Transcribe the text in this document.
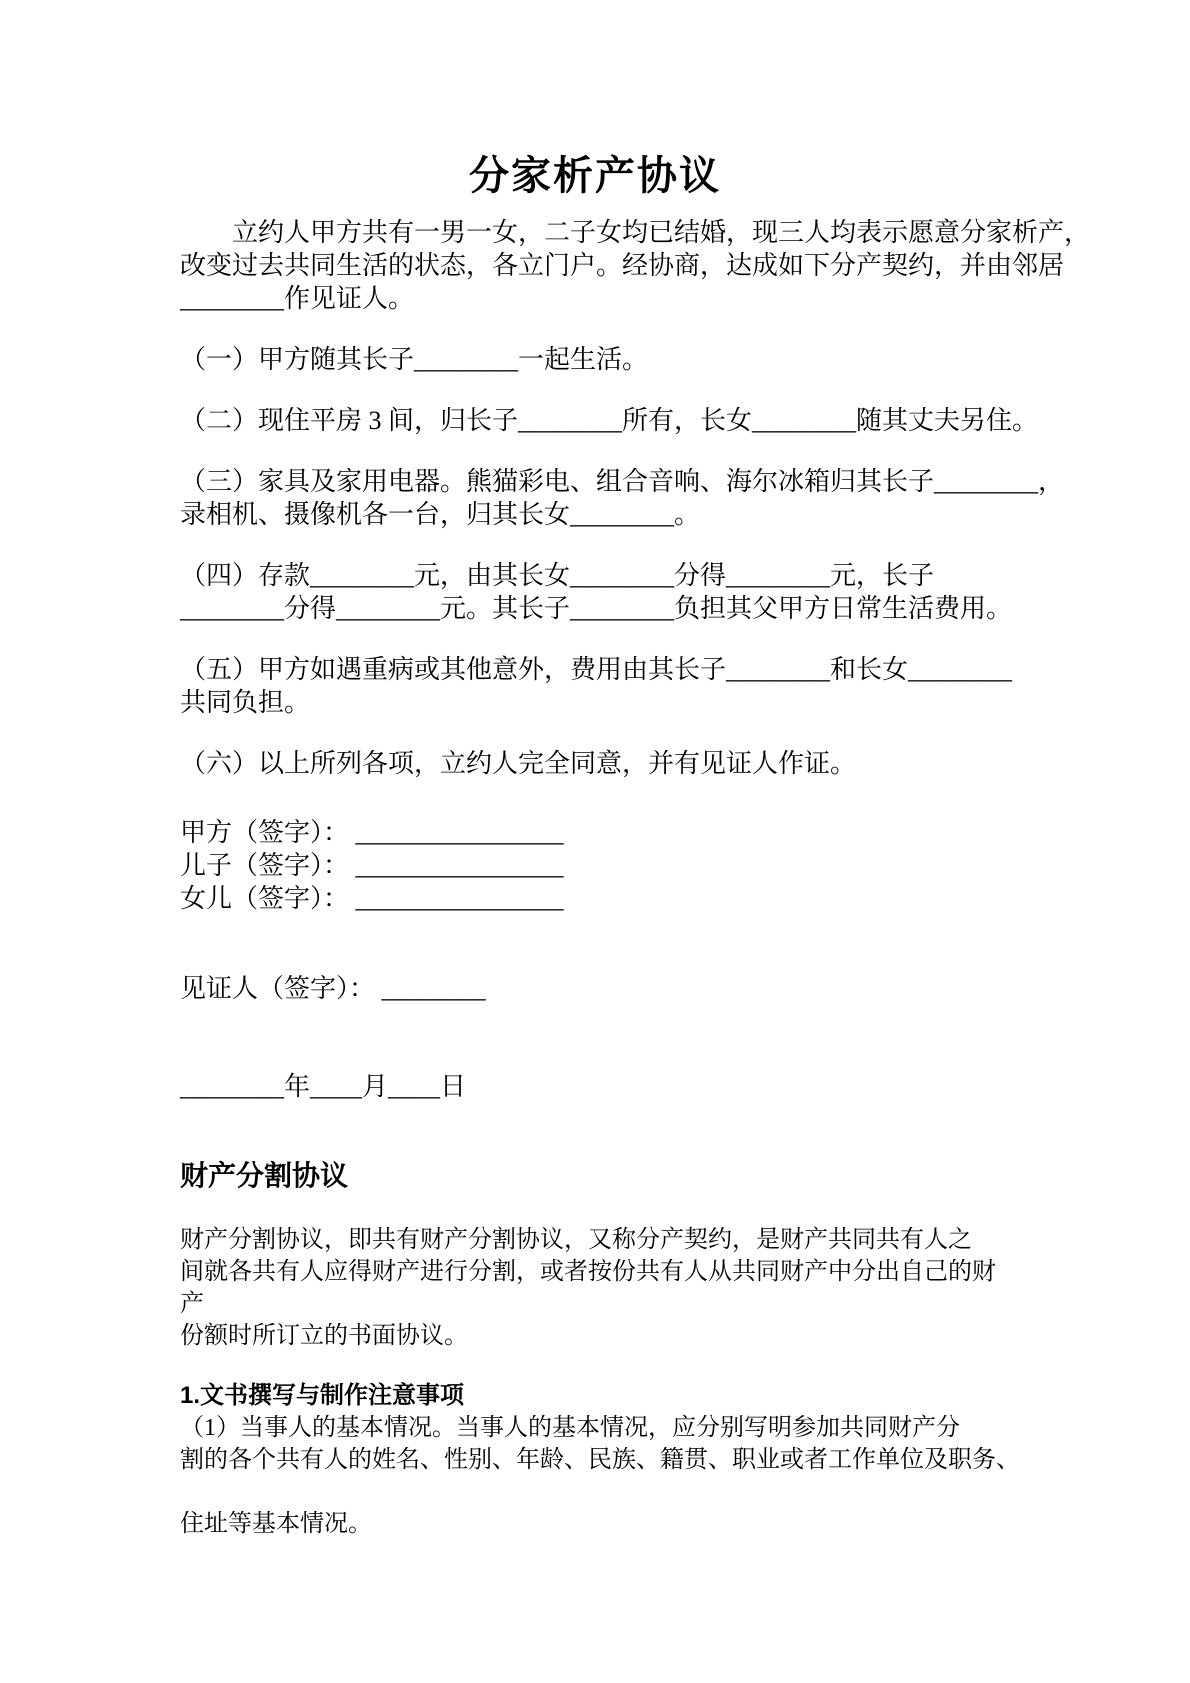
分家析产协议
　　立约人甲方共有一男一女，二子女均已结婚，现三人均表示愿意分家析产，
改变过去共同生活的状态，各立门户。经协商，达成如下分产契约，并由邻居
________作见证人。
（一）甲方随其长子________一起生活。
（二）现住平房 3 间，归长子________所有，长女________随其丈夫另住。
（三）家具及家用电器。熊猫彩电、组合音响、海尔冰箱归其长子________，
录相机、摄像机各一台，归其长女________。
（四）存款________元，由其长女________分得________元，长子
________分得________元。其长子________负担其父甲方日常生活费用。
（五）甲方如遇重病或其他意外，费用由其长子________和长女________
共同负担。
（六）以上所列各项，立约人完全同意，并有见证人作证。
甲方（签字）： ________________
儿子（签字）： ________________
女儿（签字）： ________________
见证人（签字）： ________
________年____月____日
财产分割协议
财产分割协议，即共有财产分割协议，又称分产契约，是财产共同共有人之
间就各共有人应得财产进行分割，或者按份共有人从共同财产中分出自己的财
产
份额时所订立的书面协议。
1.文书撰写与制作注意事项
（1）当事人的基本情况。当事人的基本情况，应分别写明参加共同财产分
割的各个共有人的姓名、性别、年龄、民族、籍贯、职业或者工作单位及职务、

住址等基本情况。
